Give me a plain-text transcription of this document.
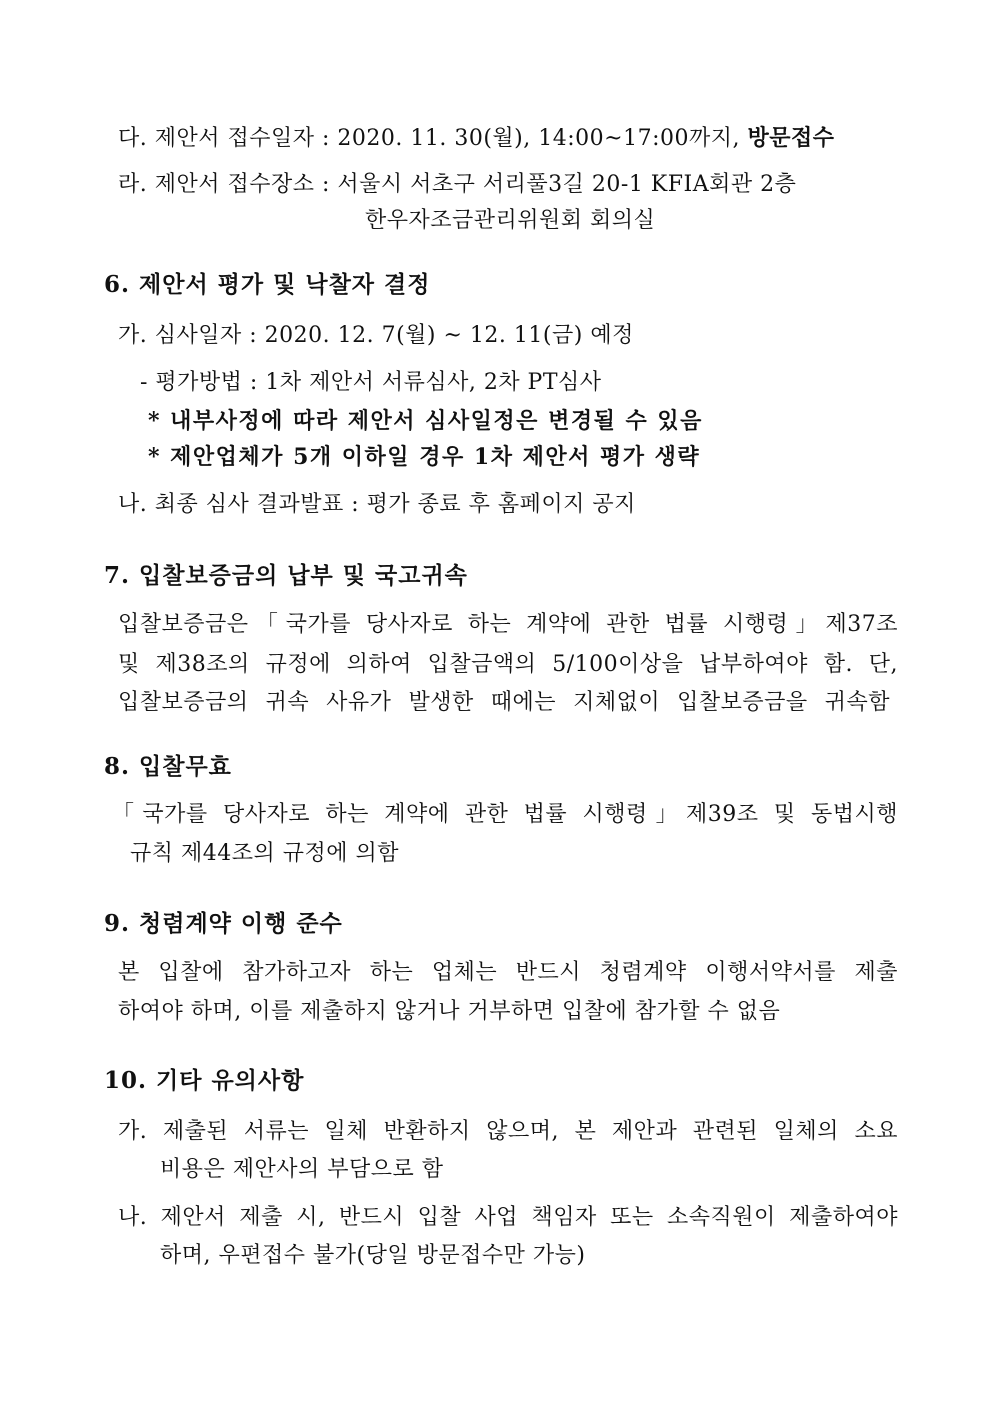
다. 제안서 접수일자 : 2020. 11. 30(월), 14:00~17:00까지, 방문접수
라. 제안서 접수장소 : 서울시 서초구 서리풀3길 20-1 KFIA회관 2층
한우자조금관리위원회 회의실
6. 제안서 평가 및 낙찰자 결정
가. 심사일자 : 2020. 12. 7(월) ~ 12. 11(금) 예정
- 평가방법 : 1차 제안서 서류심사, 2차 PT심사
* 내부사정에 따라 제안서 심사일정은 변경될 수 있음
* 제안업체가 5개 이하일 경우 1차 제안서 평가 생략
나. 최종 심사 결과발표 : 평가 종료 후 홈페이지 공지
7. 입찰보증금의 납부 및 국고귀속
입찰보증금은「국가를 당사자로 하는 계약에 관한 법률 시행령」제37조
및 제38조의 규정에 의하여 입찰금액의 5/100이상을 납부하여야 함. 단,
입찰보증금의 귀속 사유가 발생한 때에는 지체없이 입찰보증금을 귀속함
8. 입찰무효
「국가를 당사자로 하는 계약에 관한 법률 시행령」제39조 및 동법시행
규칙 제44조의 규정에 의함
9. 청렴계약 이행 준수
본 입찰에 참가하고자 하는 업체는 반드시 청렴계약 이행서약서를 제출
하여야 하며, 이를 제출하지 않거나 거부하면 입찰에 참가할 수 없음
10. 기타 유의사항
가. 제출된 서류는 일체 반환하지 않으며, 본 제안과 관련된 일체의 소요
비용은 제안사의 부담으로 함
나. 제안서 제출 시, 반드시 입찰 사업 책임자 또는 소속직원이 제출하여야
하며, 우편접수 불가(당일 방문접수만 가능)
